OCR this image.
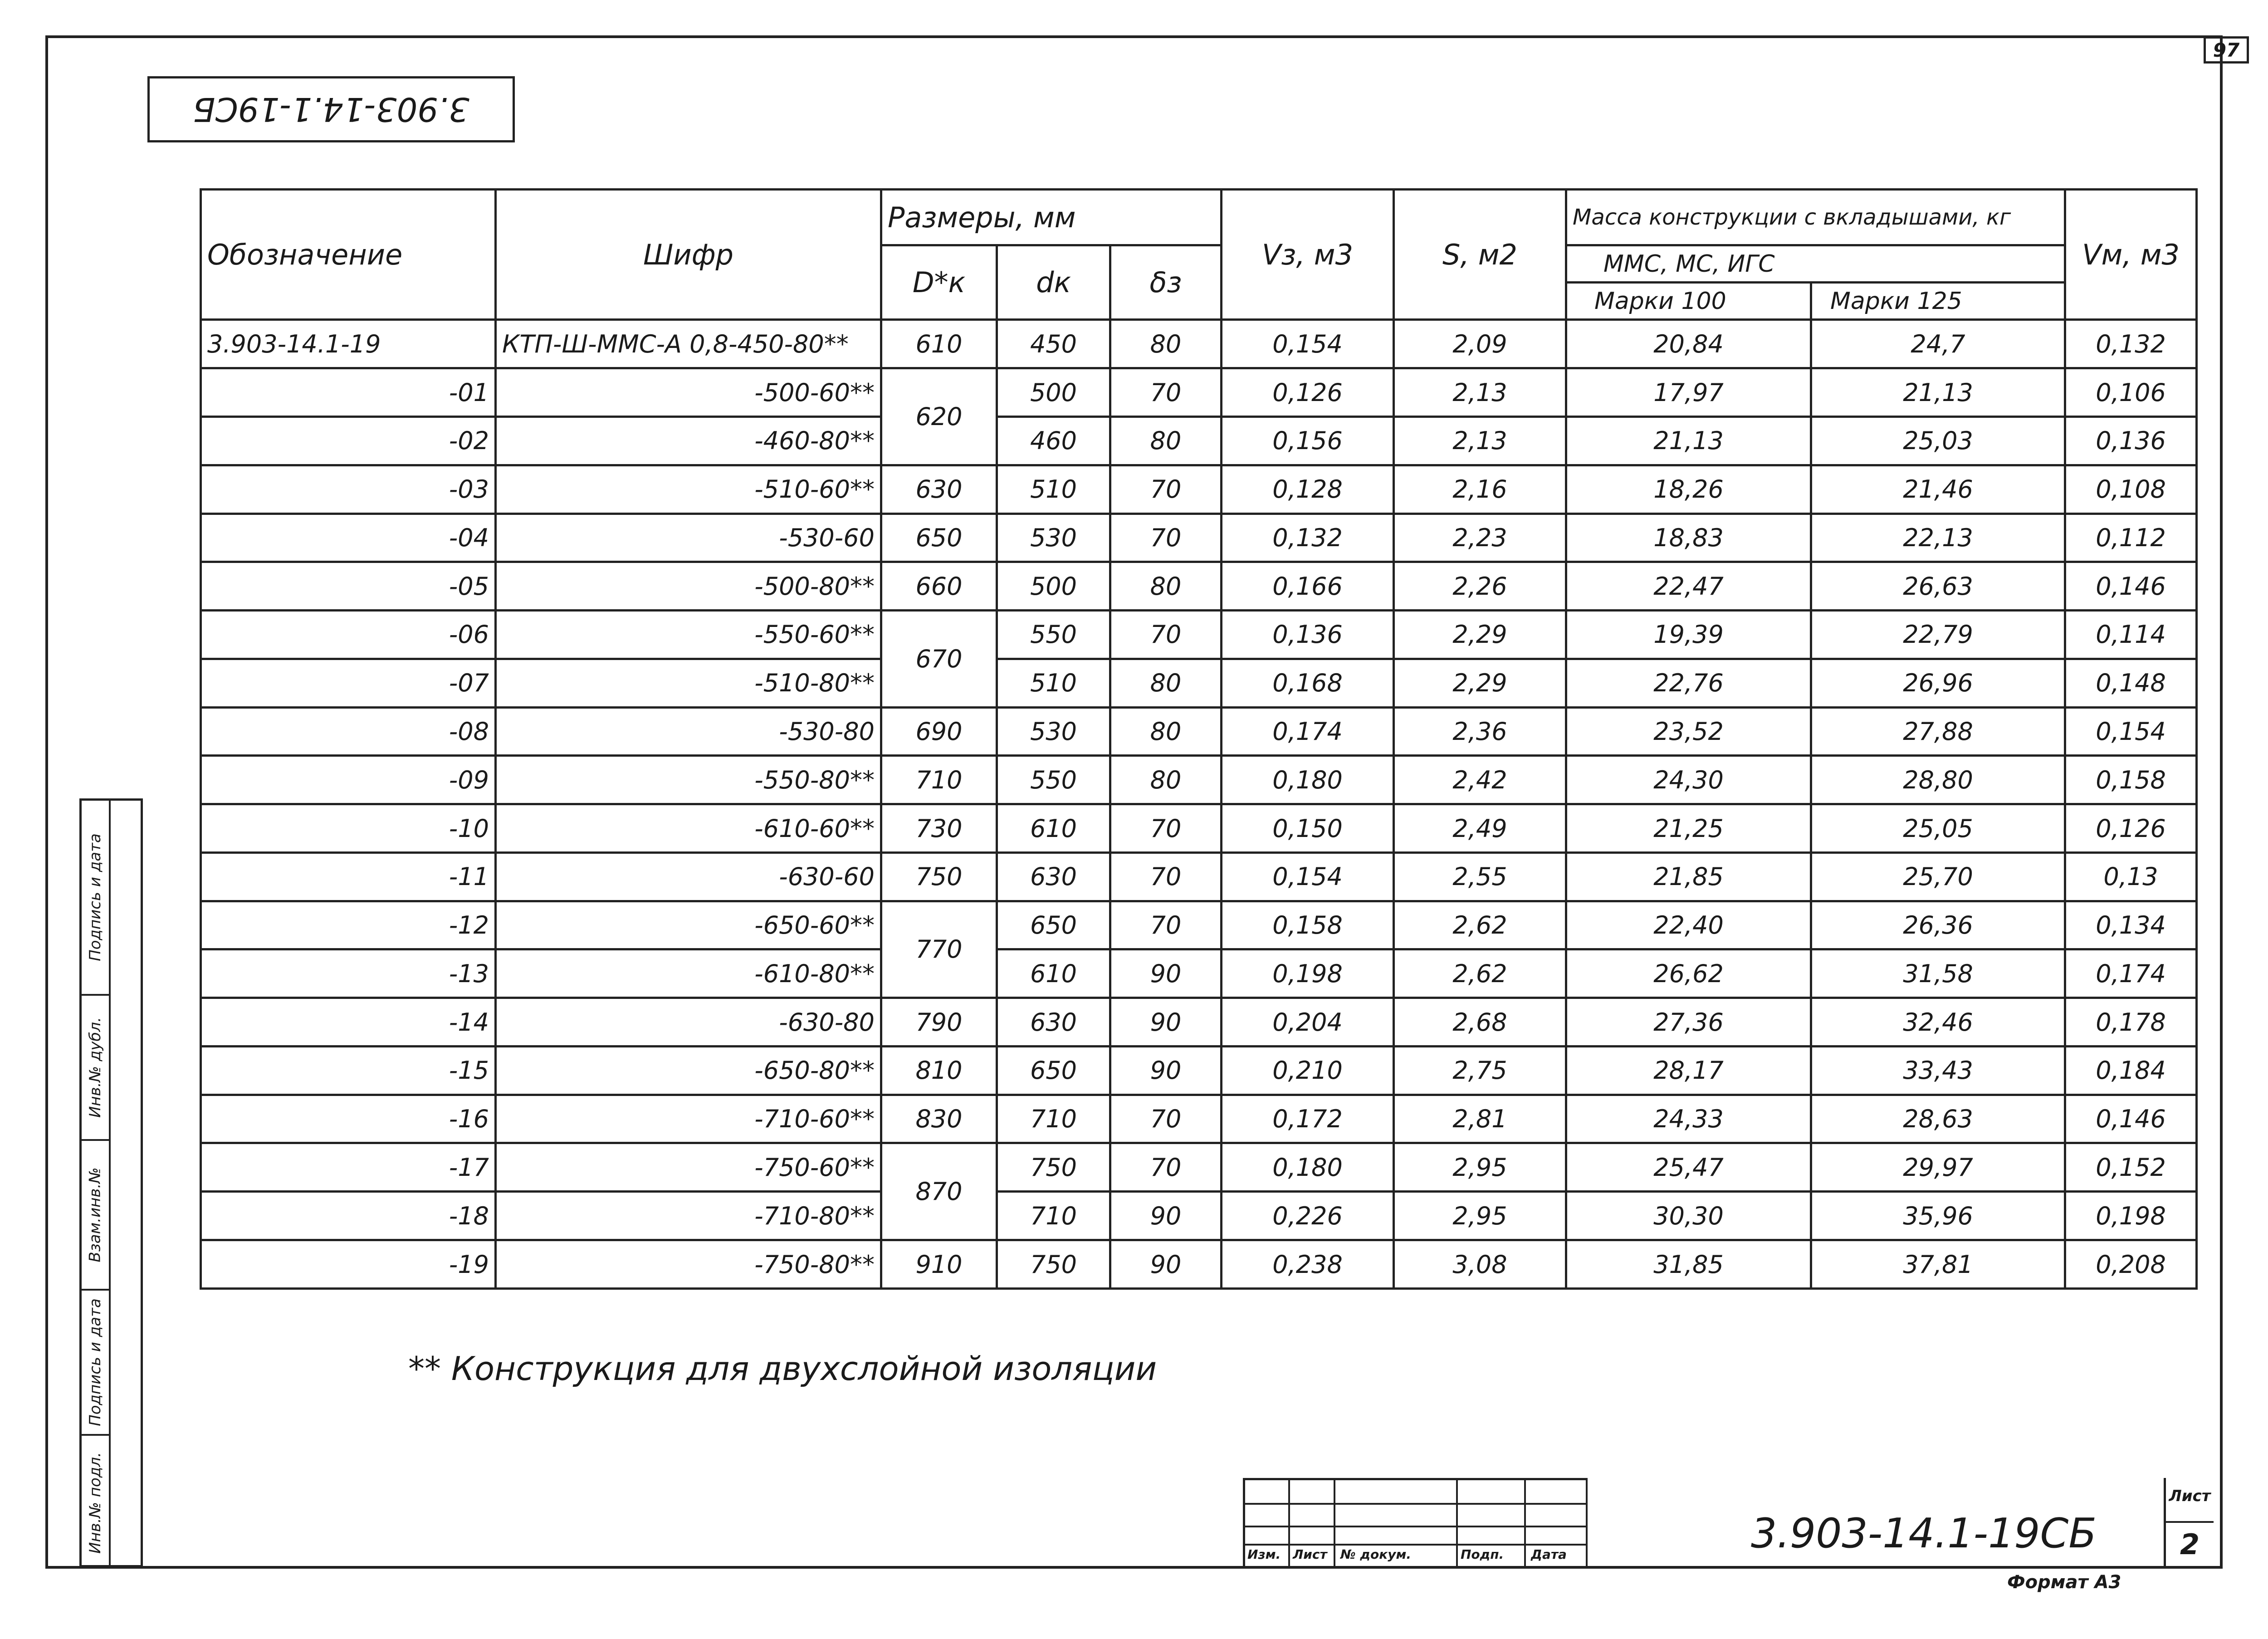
97
3.903-14.1-19СБ
Обозначение	Шифр	Размеры, мм			Vз, м3	S, м2	Масса конструкции с вкладышами, кг		Vм, м3
		D*к	dк	δз			ММС, МС, ИГС		
							Марки 100	Марки 125	
3.903-14.1-19	КТП-Ш-ММС-А 0,8-450-80**	610	450	80	0,154	2,09	20,84	24,7	0,132
-01	-500-60**	620	500	70	0,126	2,13	17,97	21,13	0,106
-02	-460-80**		460	80	0,156	2,13	21,13	25,03	0,136
-03	-510-60**	630	510	70	0,128	2,16	18,26	21,46	0,108
-04	-530-60	650	530	70	0,132	2,23	18,83	22,13	0,112
-05	-500-80**	660	500	80	0,166	2,26	22,47	26,63	0,146
-06	-550-60**	670	550	70	0,136	2,29	19,39	22,79	0,114
-07	-510-80**		510	80	0,168	2,29	22,76	26,96	0,148
-08	-530-80	690	530	80	0,174	2,36	23,52	27,88	0,154
-09	-550-80**	710	550	80	0,180	2,42	24,30	28,80	0,158
-10	-610-60**	730	610	70	0,150	2,49	21,25	25,05	0,126
-11	-630-60	750	630	70	0,154	2,55	21,85	25,70	0,13
-12	-650-60**	770	650	70	0,158	2,62	22,40	26,36	0,134
-13	-610-80**		610	90	0,198	2,62	26,62	31,58	0,174
-14	-630-80	790	630	90	0,204	2,68	27,36	32,46	0,178
-15	-650-80**	810	650	90	0,210	2,75	28,17	33,43	0,184
-16	-710-60**	830	710	70	0,172	2,81	24,33	28,63	0,146
-17	-750-60**	870	750	70	0,180	2,95	25,47	29,97	0,152
-18	-710-80**		710	90	0,226	2,95	30,30	35,96	0,198
-19	-750-80**	910	750	90	0,238	3,08	31,85	37,81	0,208
** Конструкция для двухслойной изоляции
Подпись и дата
Инв.№ дубл.
Взам.инв.№
Подпись и дата
Инв.№ подл.
Изм. Лист № докум.	Подп. Дата	3.903-14.1-19СБ
Лист
2
Формат А3
